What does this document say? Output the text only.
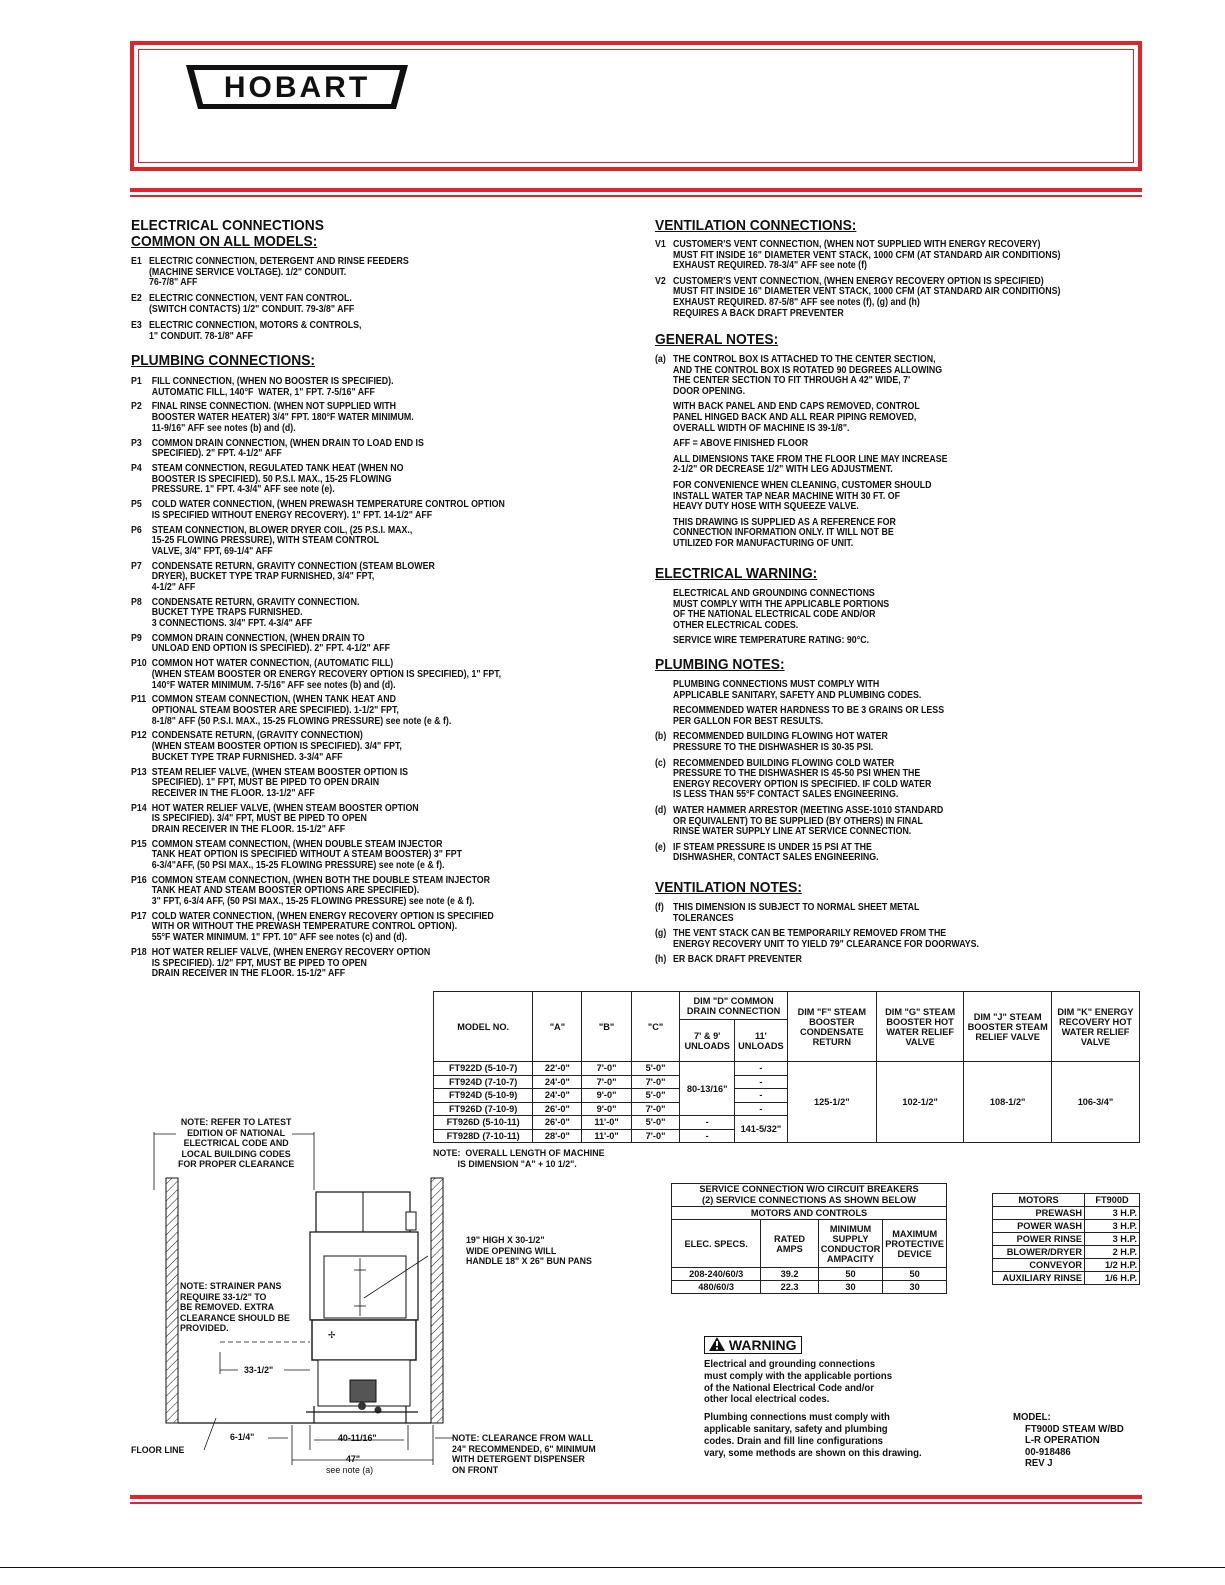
HOBART
ELECTRICAL CONNECTIONS
COMMON ON ALL MODELS:
E1 ELECTRIC CONNECTION, DETERGENT AND RINSE FEEDERS
(MACHINE SERVICE VOLTAGE). 1/2" CONDUIT.
76-7/8" AFF
E2 ELECTRIC CONNECTION, VENT FAN CONTROL.
(SWITCH CONTACTS) 1/2" CONDUIT. 79-3/8" AFF
E3 ELECTRIC CONNECTION, MOTORS & CONTROLS,
1" CONDUIT. 78-1/8" AFF
PLUMBING CONNECTIONS:
P1	FILL CONNECTION, (WHEN NO BOOSTER IS SPECIFIED).
AUTOMATIC FILL, 140°F  WATER, 1" FPT. 7-5/16" AFF
P2	FINAL RINSE CONNECTION. (WHEN NOT SUPPLIED WITH
BOOSTER WATER HEATER) 3/4" FPT. 180°F WATER MINIMUM.
11-9/16" AFF see notes (b) and (d).
P3	COMMON DRAIN CONNECTION, (WHEN DRAIN TO LOAD END IS
SPECIFIED). 2" FPT. 4-1/2" AFF
P4	STEAM CONNECTION, REGULATED TANK HEAT (WHEN NO
BOOSTER IS SPECIFIED). 50 P.S.I. MAX., 15-25 FLOWING
PRESSURE. 1" FPT. 4-3/4" AFF see note (e).
P5	COLD WATER CONNECTION, (WHEN PREWASH TEMPERATURE CONTROL OPTION
IS SPECIFIED WITHOUT ENERGY RECOVERY). 1" FPT. 14-1/2" AFF
P6	STEAM CONNECTION, BLOWER DRYER COIL, (25 P.S.I. MAX.,
15-25 FLOWING PRESSURE), WITH STEAM CONTROL
VALVE, 3/4" FPT, 69-1/4" AFF
P7	CONDENSATE RETURN, GRAVITY CONNECTION (STEAM BLOWER
DRYER), BUCKET TYPE TRAP FURNISHED, 3/4" FPT,
4-1/2" AFF
P8	CONDENSATE RETURN, GRAVITY CONNECTION.
BUCKET TYPE TRAPS FURNISHED.
3 CONNECTIONS. 3/4" FPT. 4-3/4" AFF
P9	COMMON DRAIN CONNECTION, (WHEN DRAIN TO
UNLOAD END OPTION IS SPECIFIED). 2" FPT. 4-1/2" AFF
P10 COMMON HOT WATER CONNECTION, (AUTOMATIC FILL)
(WHEN STEAM BOOSTER OR ENERGY RECOVERY OPTION IS SPECIFIED), 1" FPT,
140°F WATER MINIMUM. 7-5/16" AFF see notes (b) and (d).
P11 COMMON STEAM CONNECTION, (WHEN TANK HEAT AND
OPTIONAL STEAM BOOSTER ARE SPECIFIED). 1-1/2" FPT,
8-1/8" AFF (50 P.S.I. MAX., 15-25 FLOWING PRESSURE) see note (e & f).
P12 CONDENSATE RETURN, (GRAVITY CONNECTION)
(WHEN STEAM BOOSTER OPTION IS SPECIFIED). 3/4" FPT,
BUCKET TYPE TRAP FURNISHED. 3-3/4" AFF
P13 STEAM RELIEF VALVE, (WHEN STEAM BOOSTER OPTION IS
SPECIFIED). 1" FPT, MUST BE PIPED TO OPEN DRAIN
RECEIVER IN THE FLOOR. 13-1/2" AFF
P14 HOT WATER RELIEF VALVE, (WHEN STEAM BOOSTER OPTION
IS SPECIFIED). 3/4" FPT, MUST BE PIPED TO OPEN
DRAIN RECEIVER IN THE FLOOR. 15-1/2" AFF
P15 COMMON STEAM CONNECTION, (WHEN DOUBLE STEAM INJECTOR
TANK HEAT OPTION IS SPECIFIED WITHOUT A STEAM BOOSTER) 3" FPT
6-3/4"AFF, (50 PSI MAX., 15-25 FLOWING PRESSURE) see note (e & f).
P16 COMMON STEAM CONNECTION, (WHEN BOTH THE DOUBLE STEAM INJECTOR
TANK HEAT AND STEAM BOOSTER OPTIONS ARE SPECIFIED).
3" FPT, 6-3/4 AFF, (50 PSI MAX., 15-25 FLOWING PRESSURE) see note (e & f).
P17 COLD WATER CONNECTION, (WHEN ENERGY RECOVERY OPTION IS SPECIFIED
WITH OR WITHOUT THE PREWASH TEMPERATURE CONTROL OPTION).
55°F WATER MINIMUM. 1" FPT. 10" AFF see notes (c) and (d).
P18 HOT WATER RELIEF VALVE, (WHEN ENERGY RECOVERY OPTION
IS SPECIFIED). 1/2" FPT, MUST BE PIPED TO OPEN
DRAIN RECEIVER IN THE FLOOR. 15-1/2" AFF
VENTILATION CONNECTIONS:
V1 CUSTOMER'S VENT CONNECTION, (WHEN NOT SUPPLIED WITH ENERGY RECOVERY)
MUST FIT INSIDE 16" DIAMETER VENT STACK, 1000 CFM (AT STANDARD AIR CONDITIONS)
EXHAUST REQUIRED. 78-3/4" AFF see note (f)
V2 CUSTOMER'S VENT CONNECTION, (WHEN ENERGY RECOVERY OPTION IS SPECIFIED)
MUST FIT INSIDE 16" DIAMETER VENT STACK, 1000 CFM (AT STANDARD AIR CONDITIONS)
EXHAUST REQUIRED. 87-5/8" AFF see notes (f), (g) and (h)
REQUIRES A BACK DRAFT PREVENTER
GENERAL NOTES:
(a) THE CONTROL BOX IS ATTACHED TO THE CENTER SECTION,
AND THE CONTROL BOX IS ROTATED 90 DEGREES ALLOWING
THE CENTER SECTION TO FIT THROUGH A 42" WIDE, 7'
DOOR OPENING.
WITH BACK PANEL AND END CAPS REMOVED, CONTROL
PANEL HINGED BACK AND ALL REAR PIPING REMOVED,
OVERALL WIDTH OF MACHINE IS 39-1/8".
AFF = ABOVE FINISHED FLOOR
ALL DIMENSIONS TAKE FROM THE FLOOR LINE MAY INCREASE
2-1/2" OR DECREASE 1/2" WITH LEG ADJUSTMENT.
FOR CONVENIENCE WHEN CLEANING, CUSTOMER SHOULD
INSTALL WATER TAP NEAR MACHINE WITH 30 FT. OF
HEAVY DUTY HOSE WITH SQUEEZE VALVE.
THIS DRAWING IS SUPPLIED AS A REFERENCE FOR
CONNECTION INFORMATION ONLY. IT WILL NOT BE
UTILIZED FOR MANUFACTURING OF UNIT.
ELECTRICAL WARNING:
ELECTRICAL AND GROUNDING CONNECTIONS
MUST COMPLY WITH THE APPLICABLE PORTIONS
OF THE NATIONAL ELECTRICAL CODE AND/OR
OTHER ELECTRICAL CODES.
SERVICE WIRE TEMPERATURE RATING: 90°C.
PLUMBING NOTES:
PLUMBING CONNECTIONS MUST COMPLY WITH
APPLICABLE SANITARY, SAFETY AND PLUMBING CODES.
RECOMMENDED WATER HARDNESS TO BE 3 GRAINS OR LESS
PER GALLON FOR BEST RESULTS.
(b) RECOMMENDED BUILDING FLOWING HOT WATER
PRESSURE TO THE DISHWASHER IS 30-35 PSI.
(c) RECOMMENDED BUILDING FLOWING COLD WATER
PRESSURE TO THE DISHWASHER IS 45-50 PSI WHEN THE
ENERGY RECOVERY OPTION IS SPECIFIED. IF COLD WATER
IS LESS THAN 55°F CONTACT SALES ENGINEERING.
(d) WATER HAMMER ARRESTOR (MEETING ASSE-1010 STANDARD
OR EQUIVALENT) TO BE SUPPLIED (BY OTHERS) IN FINAL
RINSE WATER SUPPLY LINE AT SERVICE CONNECTION.
(e) IF STEAM PRESSURE IS UNDER 15 PSI AT THE
DISHWASHER, CONTACT SALES ENGINEERING.
VENTILATION NOTES:
(f) THIS DIMENSION IS SUBJECT TO NORMAL SHEET METAL
TOLERANCES
(g) THE VENT STACK CAN BE TEMPORARILY REMOVED FROM THE
ENERGY RECOVERY UNIT TO YIELD 79" CLEARANCE FOR DOORWAYS.
(h) ER BACK DRAFT PREVENTER
MODEL NO.	"A"	"B"	"C"	DIM "D" COMMON DRAIN CONNECTION		DIM "F" STEAM BOOSTER CONDENSATE RETURN	DIM "G" STEAM BOOSTER HOT WATER RELIEF VALVE	DIM "J" STEAM BOOSTER STEAM RELIEF VALVE	DIM "K" ENERGY RECOVERY HOT WATER RELIEF VALVE
				7' & 9' UNLOADS	11' UNLOADS				
FT922D (5-10-7)	22'-0"	7'-0"	5'-0"	80-13/16"	-	125-1/2"	102-1/2"	108-1/2"	106-3/4"
FT924D (7-10-7)	24'-0"	7'-0"	7'-0"		-				
FT924D (5-10-9)	24'-0"	9'-0"	5'-0"		-				
FT926D (7-10-9)	26'-0"	9'-0"	7'-0"		-				
FT926D (5-10-11)	26'-0"	11'-0"	5'-0"	-	141-5/32"				
FT928D (7-10-11)	28'-0"	11'-0"	7'-0"	-					
NOTE:  OVERALL LENGTH OF MACHINE
IS DIMENSION "A" + 10 1/2".
SERVICE CONNECTION W/O CIRCUIT BREAKERS
(2) SERVICE CONNECTIONS AS SHOWN BELOW			
MOTORS AND CONTROLS			
ELEC. SPECS.	RATED AMPS	MINIMUM SUPPLY CONDUCTOR AMPACITY	MAXIMUM PROTECTIVE DEVICE
208-240/60/3	39.2	50	50
480/60/3	22.3	30	30
MOTORS	FT900D
PREWASH	3 H.P.
POWER WASH	3 H.P.
POWER RINSE	3 H.P.
BLOWER/DRYER	2 H.P.
CONVEYOR	1/2 H.P.
AUXILIARY RINSE	1/6 H.P.
WARNING
Electrical and grounding connections
must comply with the applicable portions
of the National Electrical Code and/or
other local electrical codes.
Plumbing connections must comply with
applicable sanitary, safety and plumbing
codes. Drain and fill line configurations
vary, some methods are shown on this drawing.
MODEL:
FT900D STEAM W/BD
L-R OPERATION
00-918486
REV J
✢
NOTE: REFER TO LATEST
EDITION OF NATIONAL
ELECTRICAL CODE AND
LOCAL BUILDING CODES
FOR PROPER CLEARANCE
NOTE: STRAINER PANS
REQUIRE 33-1/2" TO
BE REMOVED. EXTRA
CLEARANCE SHOULD BE
PROVIDED.
19" HIGH X 30-1/2"
WIDE OPENING WILL
HANDLE 18" X 26" BUN PANS
33-1/2"
6-1/4"	40-11/16"
47"
see note (a)
FLOOR LINE
NOTE: CLEARANCE FROM WALL
24" RECOMMENDED, 6" MINIMUM
WITH DETERGENT DISPENSER
ON FRONT
